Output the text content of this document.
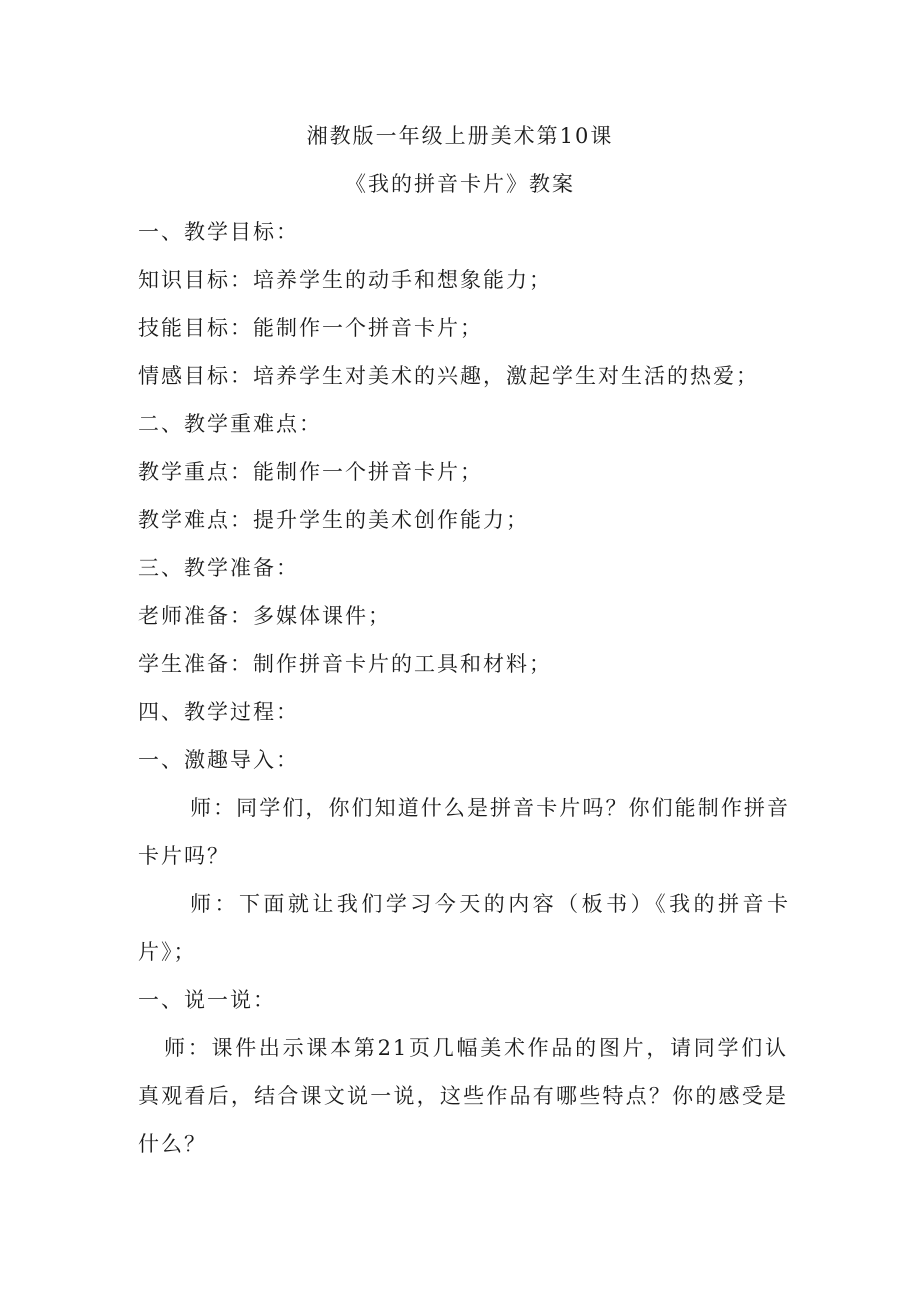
湘教版一年级上册美术第10课
《我的拼音卡片》教案
一、教学目标：
知识目标：培养学生的动手和想象能力；
技能目标：能制作一个拼音卡片；
情感目标：培养学生对美术的兴趣，激起学生对生活的热爱；
二、教学重难点：
教学重点：能制作一个拼音卡片；
教学难点：提升学生的美术创作能力；
三、教学准备：
老师准备：多媒体课件；
学生准备：制作拼音卡片的工具和材料；
四、教学过程：
一、激趣导入：
师：同学们，你们知道什么是拼音卡片吗？你们能制作拼音
卡片吗？
师：下面就让我们学习今天的内容（板书）《我的拼音卡
片》；
一、说一说：
师：课件出示课本第21页几幅美术作品的图片，请同学们认
真观看后，结合课文说一说，这些作品有哪些特点？你的感受是
什么？
